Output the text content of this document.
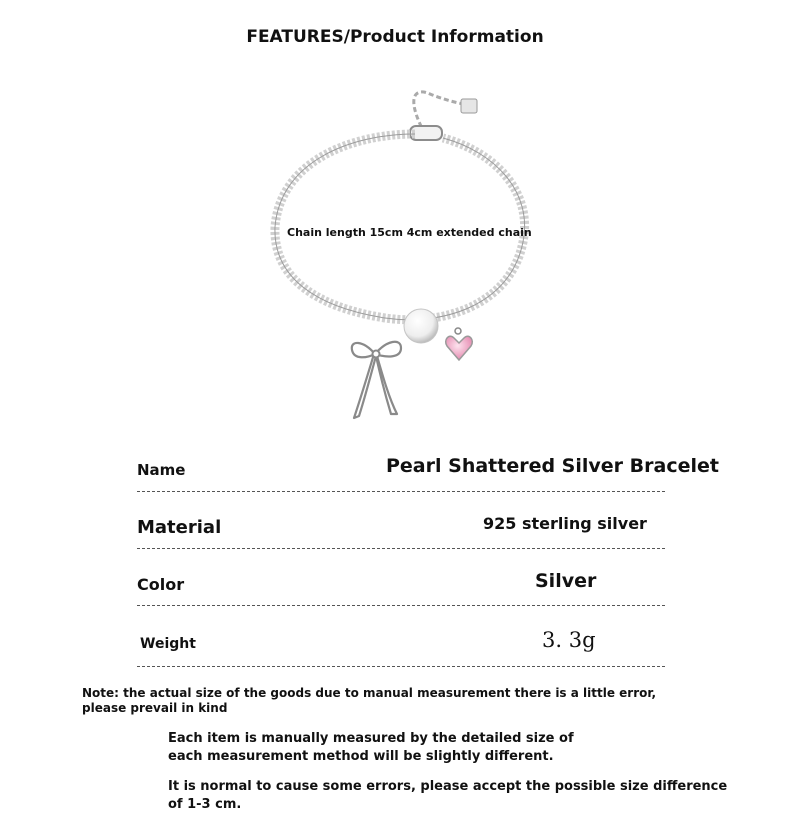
FEATURES/Product Information
Chain length 15cm 4cm extended chain
Name	Pearl Shattered Silver Bracelet
Material	925 sterling silver
Color	Silver
Weight	3. 3g
Note: the actual size of the goods due to manual measurement there is a little error, please prevail in kind
Each item is manually measured by the detailed size of each measurement method will be slightly different.
It is normal to cause some errors, please accept the possible size difference of 1-3 cm.
